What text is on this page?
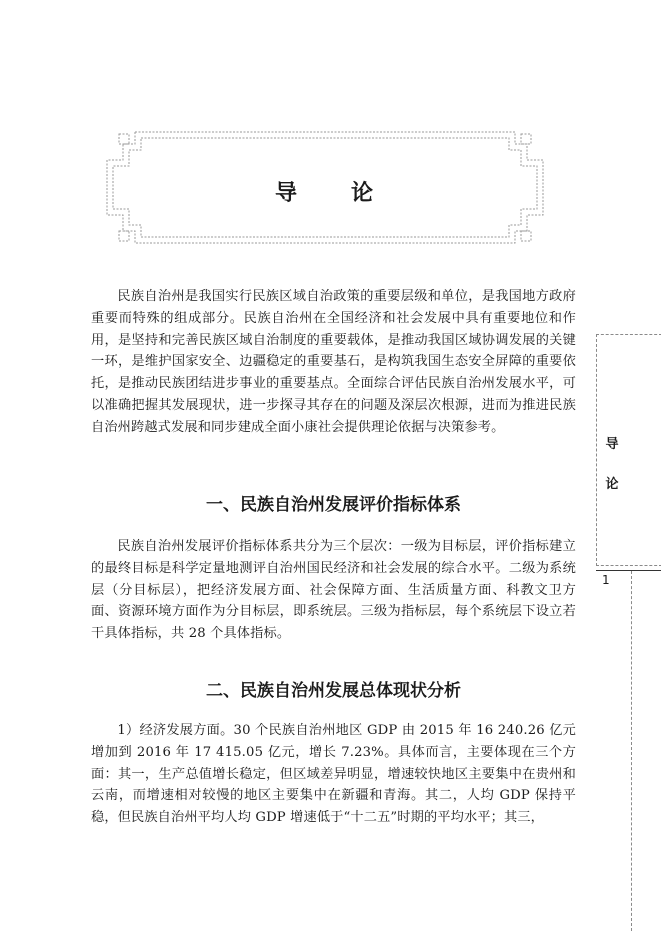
导 论

民族自治州是我国实行民族区域自治政策的重要层级和单位，是我国地方政府重要而特殊的组成部分。民族自治州在全国经济和社会发展中具有重要地位和作用，是坚持和完善民族区域自治制度的重要载体，是推动我国区域协调发展的关键一环，是维护国家安全、边疆稳定的重要基石，是构筑我国生态安全屏障的重要依托，是推动民族团结进步事业的重要基点。全面综合评估民族自治州发展水平，可以准确把握其发展现状，进一步探寻其存在的问题及深层次根源，进而为推进民族自治州跨越式发展和同步建成全面小康社会提供理论依据与决策参考。

一、民族自治州发展评价指标体系

民族自治州发展评价指标体系共分为三个层次：一级为目标层，评价指标建立的最终目标是科学定量地测评自治州国民经济和社会发展的综合水平。二级为系统层（分目标层），把经济发展方面、社会保障方面、生活质量方面、科教文卫方面、资源环境方面作为分目标层，即系统层。三级为指标层，每个系统层下设立若干具体指标，共 28 个具体指标。

二、民族自治州发展总体现状分析

1）经济发展方面。30 个民族自治州地区 GDP 由 2015 年 16 240.26 亿元增加到 2016 年 17 415.05 亿元，增长 7.23%。具体而言，主要体现在三个方面：其一，生产总值增长稳定，但区域差异明显，增速较快地区主要集中在贵州和云南，而增速相对较慢的地区主要集中在新疆和青海。其二，人均 GDP 保持平稳，但民族自治州平均人均 GDP 增速低于“十二五”时期的平均水平；其三，

导
论
1
